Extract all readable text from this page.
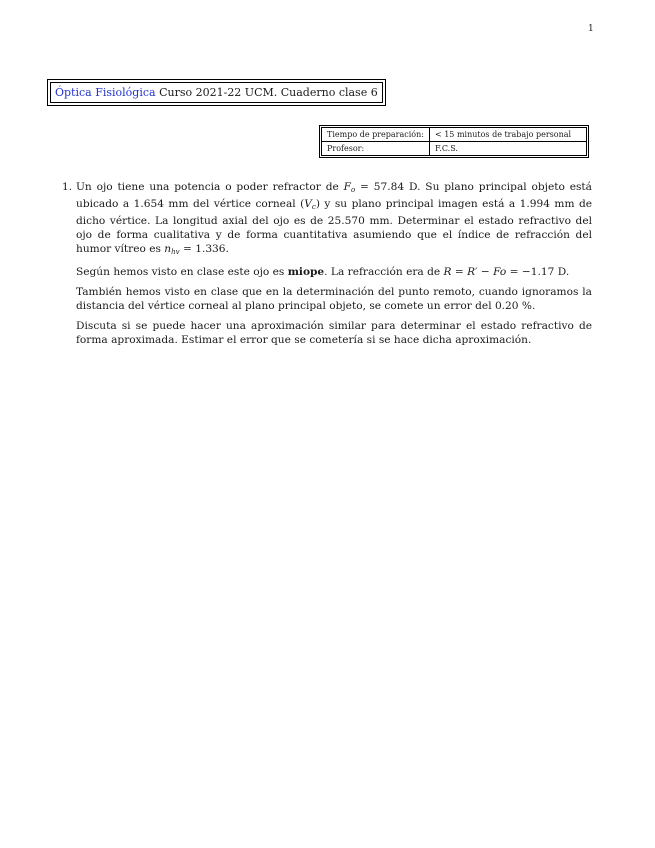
1
Óptica Fisiológica Curso 2021-22 UCM. Cuaderno clase 6
Tiempo de preparación:	< 15 minutos de trabajo personal
Profesor:	F.C.S.
1. Un ojo tiene una potencia o poder refractor de $F_o = 57.84$ D. Su plano principal objeto está ubicado a 1.654 mm del vértice corneal $(V_c)$ y su plano principal imagen está a 1.994 mm de dicho vértice. La longitud axial del ojo es de 25.570 mm. Determinar el estado refractivo del ojo de forma cualitativa y de forma cuantitativa asumiendo que el índice de refracción del humor vítreo es $n_{hv} = 1.336$.

Según hemos visto en clase este ojo es miope. La refracción era de R = R′ − Fo = −1.17 D.

También hemos visto en clase que en la determinación del punto remoto, cuando ignoramos la distancia del vértice corneal al plano principal objeto, se comete un error del 0.20 %.

Discuta si se puede hacer una aproximación similar para determinar el estado refractivo de forma aproximada. Estimar el error que se cometería si se hace dicha aproximación.
